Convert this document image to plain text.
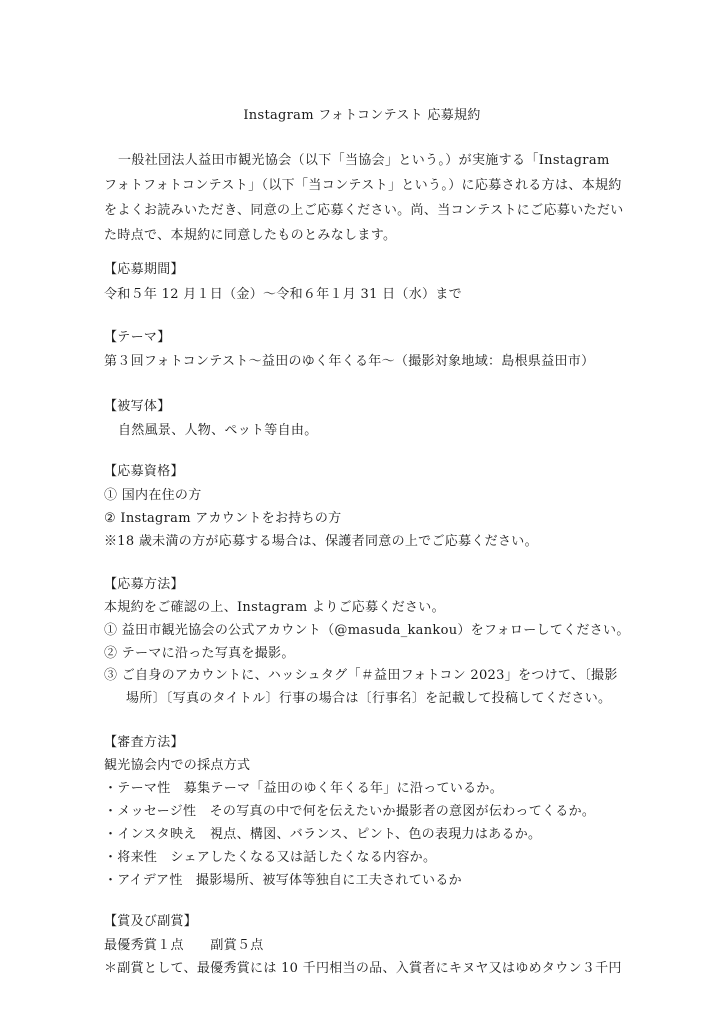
Instagram フォトコンテスト 応募規約
一般社団法人益田市観光協会（以下「当協会」という。）が実施する「Instagram フォトフォトコンテスト」（以下「当コンテスト」という。）に応募される方は、本規約をよくお読みいただき、同意の上ご応募ください。尚、当コンテストにご応募いただいた時点で、本規約に同意したものとみなします。
【応募期間】
令和５年 12 月１日（金）〜令和６年１月 31 日（水）まで
【テーマ】
第３回フォトコンテスト〜益田のゆく年くる年〜（撮影対象地域：島根県益田市）
【被写体】
自然風景、人物、ペット等自由。
【応募資格】
① 国内在住の方
② Instagram アカウントをお持ちの方
※18 歳未満の方が応募する場合は、保護者同意の上でご応募ください。
【応募方法】
本規約をご確認の上、Instagram よりご応募ください。
① 益田市観光協会の公式アカウント（@masuda_kankou）をフォローしてください。
② テーマに沿った写真を撮影。
③ ご自身のアカウントに、ハッシュタグ「＃益田フォトコン 2023」をつけて、〔撮影
場所〕〔写真のタイトル〕行事の場合は〔行事名〕を記載して投稿してください。
【審査方法】
観光協会内での採点方式
・テーマ性　募集テーマ「益田のゆく年くる年」に沿っているか。
・メッセージ性　その写真の中で何を伝えたいか撮影者の意図が伝わってくるか。
・インスタ映え　視点、構図、バランス、ピント、色の表現力はあるか。
・将来性　シェアしたくなる又は話したくなる内容か。
・アイデア性　撮影場所、被写体等独自に工夫されているか
【賞及び副賞】
最優秀賞１点　　副賞５点
＊副賞として、最優秀賞には 10 千円相当の品、入賞者にキヌヤ又はゆめタウン３千円
